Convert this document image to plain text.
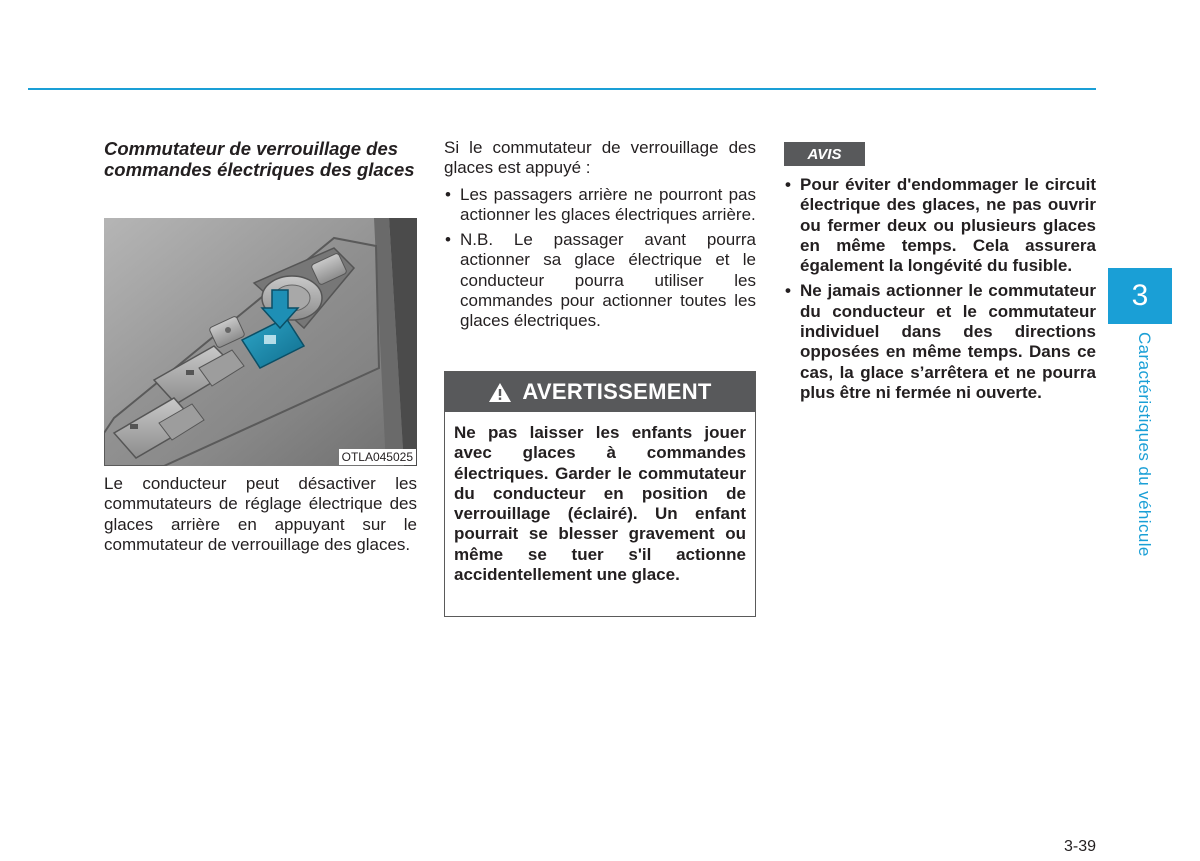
Commutateur de verrouillage des commandes électriques des glaces
OTLA045025

Le conducteur peut désactiver les commutateurs de réglage électrique des glaces arrière en appuyant sur le commutateur de verrouillage des glaces.

Si le commutateur de verrouillage des glaces est appuyé :

• Les passagers arrière ne pourront pas actionner les glaces électriques arrière.
• N.B. Le passager avant pourra actionner sa glace électrique et le conducteur pourra utiliser les commandes pour actionner toutes les glaces électriques.
AVERTISSEMENT

Ne pas laisser les enfants jouer avec glaces à commandes électriques. Garder le commutateur du conducteur en position de verrouillage (éclairé). Un enfant pourrait se blesser gravement ou même se tuer s'il actionne accidentellement une glace.

AVIS
• Pour éviter d'endommager le circuit électrique des glaces, ne pas ouvrir ou fermer deux ou plusieurs glaces en même temps. Cela assurera également la longévité du fusible.
• Ne jamais actionner le commutateur du conducteur et le commutateur individuel dans des directions opposées en même temps. Dans ce cas, la glace s’arrêtera et ne pourra plus être ni fermée ni ouverte.
3
Caractéristiques du véhicule
3-39
